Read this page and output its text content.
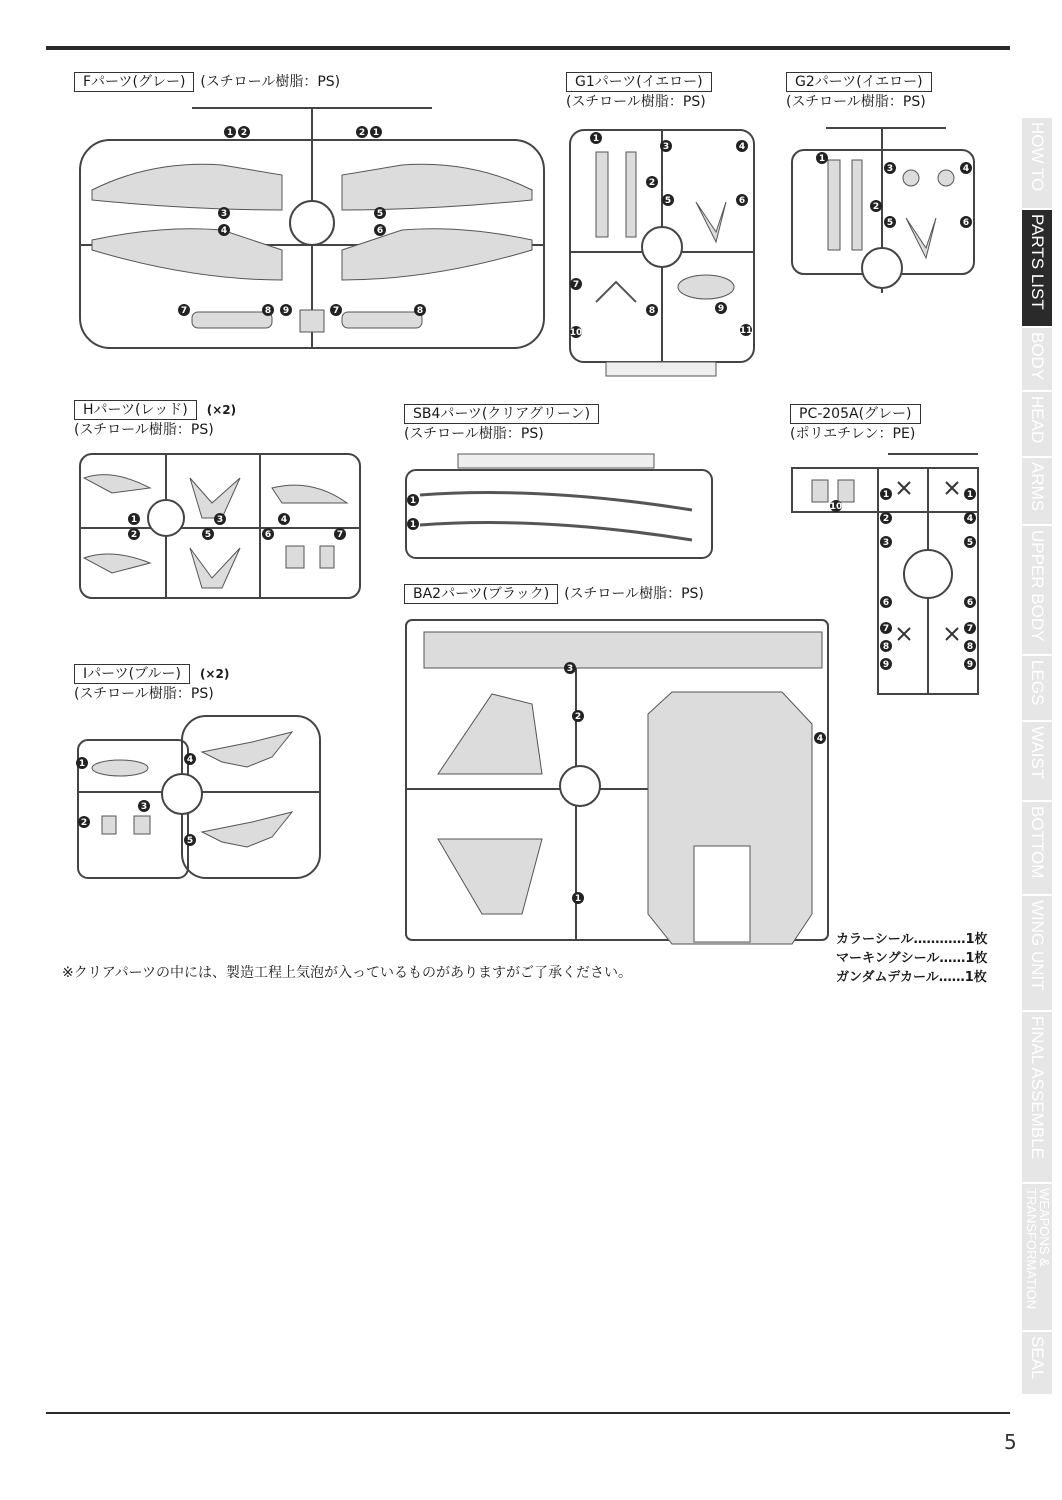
Fパーツ(グレー)	(スチロール樹脂：PS)
1 2	2 1
3	5
4	6
7	8 9	7	8
G1パーツ(イエロー)
(スチロール樹脂：PS)
1
3	4
2
5	6
7
8	9
10	11
G2パーツ(イエロー)
(スチロール樹脂：PS)
1
3	4
2
5	6
Hパーツ(レッド)	(×2)
(スチロール樹脂：PS)
1
2
3	4
5	6	7
SB4パーツ(クリアグリーン)
(スチロール樹脂：PS)
1
1
PC-205A(グレー)
(ポリエチレン：PE)
1	1
2	4
3	5
6	6
7	7
8	8
9	9
10
Iパーツ(ブルー)	(×2)
(スチロール樹脂：PS)
1	4
3
2
5
BA2パーツ(ブラック)	(スチロール樹脂：PS)
3
2
4
1
カラーシール…………1枚
マーキングシール……1枚
ガンダムデカール……1枚
※クリアパーツの中には、製造工程上気泡が入っているものがありますがご了承ください。
HOW TO
PARTS LIST
BODY
HEAD
ARMS
UPPER BODY
LEGS
WAIST
BOTTOM
WING UNIT
FINAL ASSEMBLE
WEAPONS & TRANSFORMATION
SEAL
5
